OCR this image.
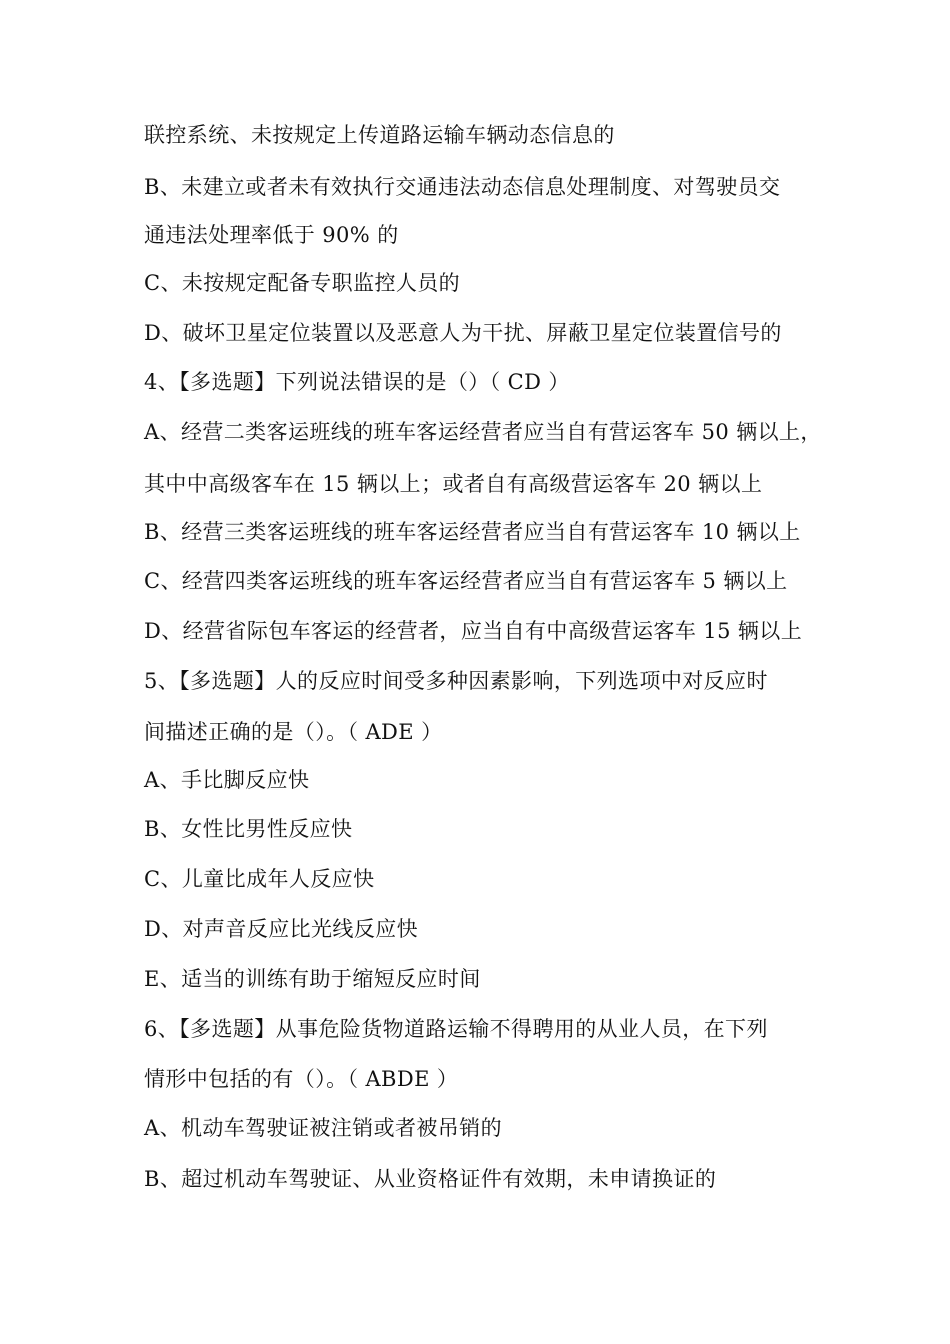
联控系统、未按规定上传道路运输车辆动态信息的
B、未建立或者未有效执行交通违法动态信息处理制度、对驾驶员交
通违法处理率低于 90% 的
C、未按规定配备专职监控人员的
D、破坏卫星定位装置以及恶意人为干扰、屏蔽卫星定位装置信号的
4、【多选题】下列说法错误的是（）（ CD ）
A、经营二类客运班线的班车客运经营者应当自有营运客车 50 辆以上，
其中中高级客车在 15 辆以上；或者自有高级营运客车 20 辆以上
B、经营三类客运班线的班车客运经营者应当自有营运客车 10 辆以上
C、经营四类客运班线的班车客运经营者应当自有营运客车 5 辆以上
D、经营省际包车客运的经营者，应当自有中高级营运客车 15 辆以上
5、【多选题】人的反应时间受多种因素影响，下列选项中对反应时
间描述正确的是（）。（ ADE ）
A、手比脚反应快
B、女性比男性反应快
C、儿童比成年人反应快
D、对声音反应比光线反应快
E、适当的训练有助于缩短反应时间
6、【多选题】从事危险货物道路运输不得聘用的从业人员，在下列
情形中包括的有（）。（ ABDE ）
A、机动车驾驶证被注销或者被吊销的
B、超过机动车驾驶证、从业资格证件有效期，未申请换证的
